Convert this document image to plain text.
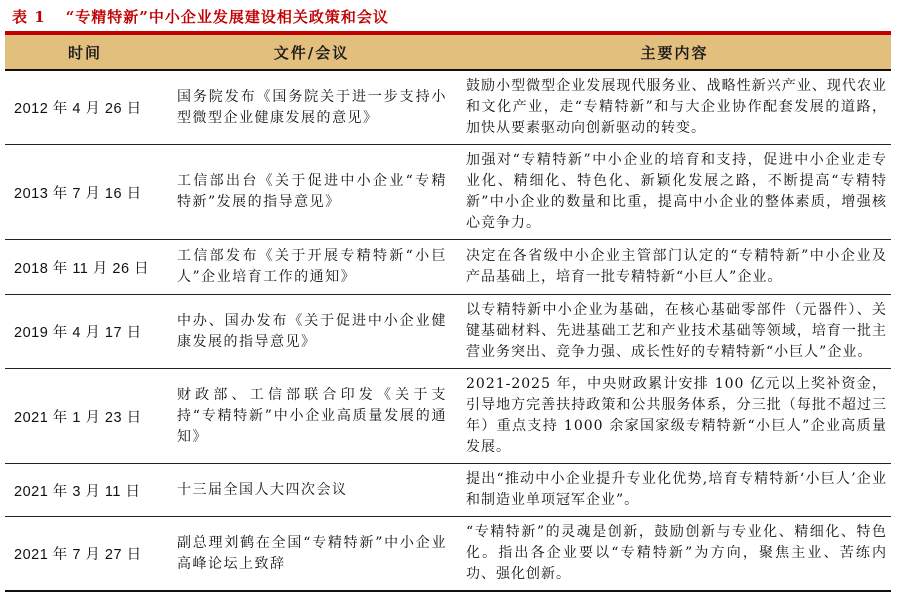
表 1 “专精特新”中小企业发展建设相关政策和会议
时间	文件/会议	主要内容
2012 年 4 月 26 日	国务院发布《国务院关于进一步支持小型微型企业健康发展的意见》	鼓励小型微型企业发展现代服务业、战略性新兴产业、现代农业和文化产业，走“专精特新”和与大企业协作配套发展的道路，加快从要素驱动向创新驱动的转变。
2013 年 7 月 16 日	工信部出台《关于促进中小企业“专精特新”发展的指导意见》	加强对“专精特新”中小企业的培育和支持，促进中小企业走专业化、精细化、特色化、新颖化发展之路，不断提高“专精特新”中小企业的数量和比重，提高中小企业的整体素质，增强核心竞争力。
2018 年 11 月 26 日	工信部发布《关于开展专精特新“小巨人”企业培育工作的通知》	决定在各省级中小企业主管部门认定的“专精特新”中小企业及产品基础上，培育一批专精特新“小巨人”企业。
2019 年 4 月 17 日	中办、国办发布《关于促进中小企业健康发展的指导意见》	以专精特新中小企业为基础，在核心基础零部件（元器件）、关键基础材料、先进基础工艺和产业技术基础等领域，培育一批主营业务突出、竞争力强、成长性好的专精特新“小巨人”企业。
2021 年 1 月 23 日	财政部、工信部联合印发《关于支持“专精特新”中小企业高质量发展的通知》	2021-2025 年，中央财政累计安排 100 亿元以上奖补资金，引导地方完善扶持政策和公共服务体系，分三批（每批不超过三年）重点支持 1000 余家国家级专精特新“小巨人”企业高质量发展。
2021 年 3 月 11 日	十三届全国人大四次会议	提出“推动中小企业提升专业化优势,培育专精特新‘小巨人’企业和制造业单项冠军企业”。
2021 年 7 月 27 日	副总理刘鹤在全国“专精特新”中小企业高峰论坛上致辞	“专精特新”的灵魂是创新，鼓励创新与专业化、精细化、特色化。指出各企业要以“专精特新”为方向，聚焦主业、苦练内功、强化创新。
